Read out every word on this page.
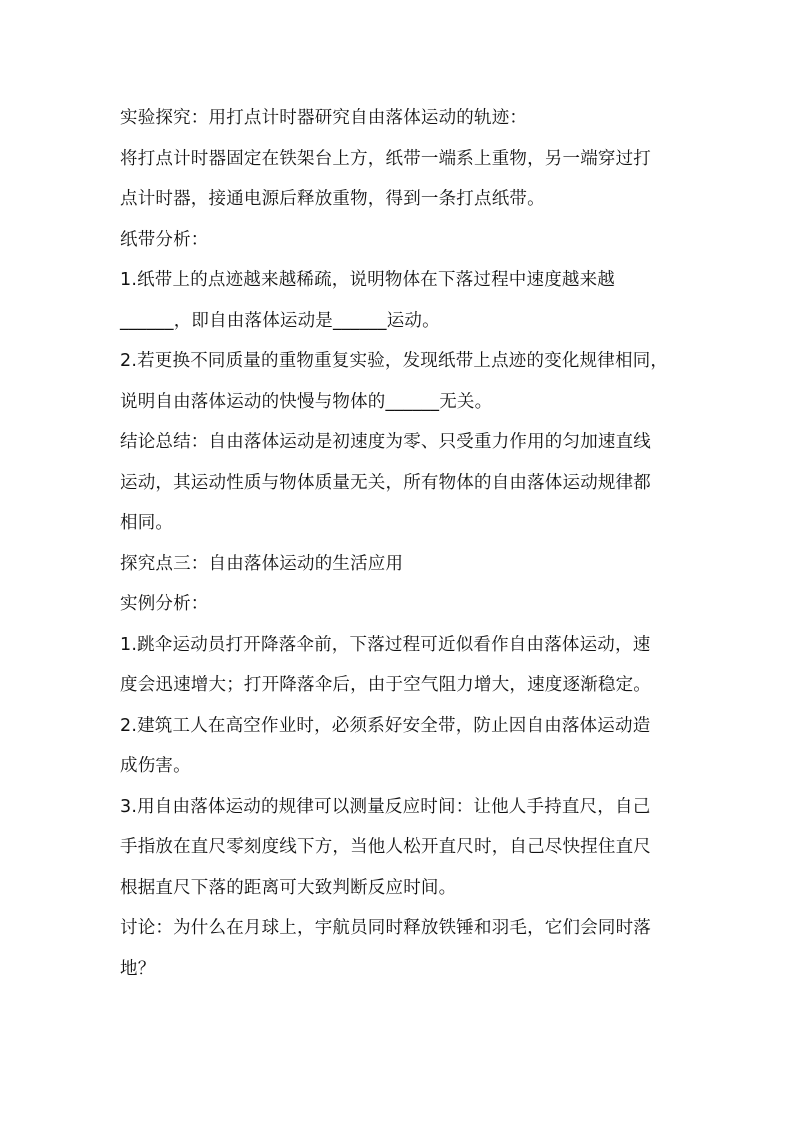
实验探究：用打点计时器研究自由落体运动的轨迹：
将打点计时器固定在铁架台上方，纸带一端系上重物，另一端穿过打
点计时器，接通电源后释放重物，得到一条打点纸带。
纸带分析：
1.纸带上的点迹越来越稀疏，说明物体在下落过程中速度越来越
______，即自由落体运动是______运动。
2.若更换不同质量的重物重复实验，发现纸带上点迹的变化规律相同，
说明自由落体运动的快慢与物体的______无关。
结论总结：自由落体运动是初速度为零、只受重力作用的匀加速直线
运动，其运动性质与物体质量无关，所有物体的自由落体运动规律都
相同。
探究点三：自由落体运动的生活应用
实例分析：
1.跳伞运动员打开降落伞前，下落过程可近似看作自由落体运动，速
度会迅速增大；打开降落伞后，由于空气阻力增大，速度逐渐稳定。
2.建筑工人在高空作业时，必须系好安全带，防止因自由落体运动造
成伤害。
3.用自由落体运动的规律可以测量反应时间：让他人手持直尺，自己
手指放在直尺零刻度线下方，当他人松开直尺时，自己尽快捏住直尺
根据直尺下落的距离可大致判断反应时间。
讨论：为什么在月球上，宇航员同时释放铁锤和羽毛，它们会同时落
地？
